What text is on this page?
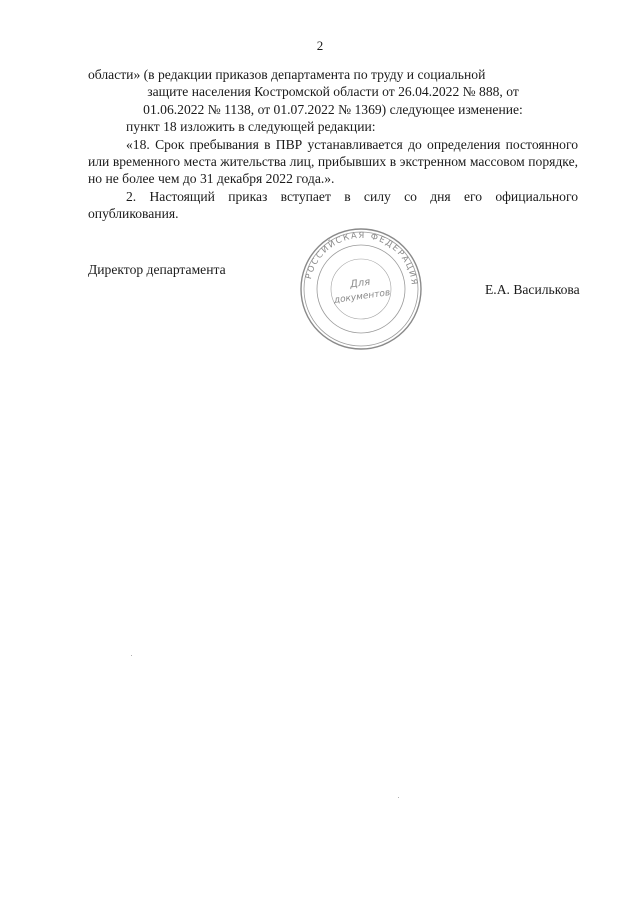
2

области» (в редакции приказов департамента по труду и социальной

защите населения Костромской области от 26.04.2022 № 888, от

01.06.2022 № 1138, от 01.07.2022 № 1369) следующее изменение:

пункт 18 изложить в следующей редакции:

«18. Срок пребывания в ПВР устанавливается до определения постоянного или временного места жительства лиц, прибывших в экстренном массовом порядке, но не более чем до 31 декабря 2022 года.».

2. Настоящий приказ вступает в силу со дня его официального опубликования.

Директор департамента
Е.А. Василькова
РОССИЙСКАЯ ФЕДЕРАЦИЯ
Для
документов
